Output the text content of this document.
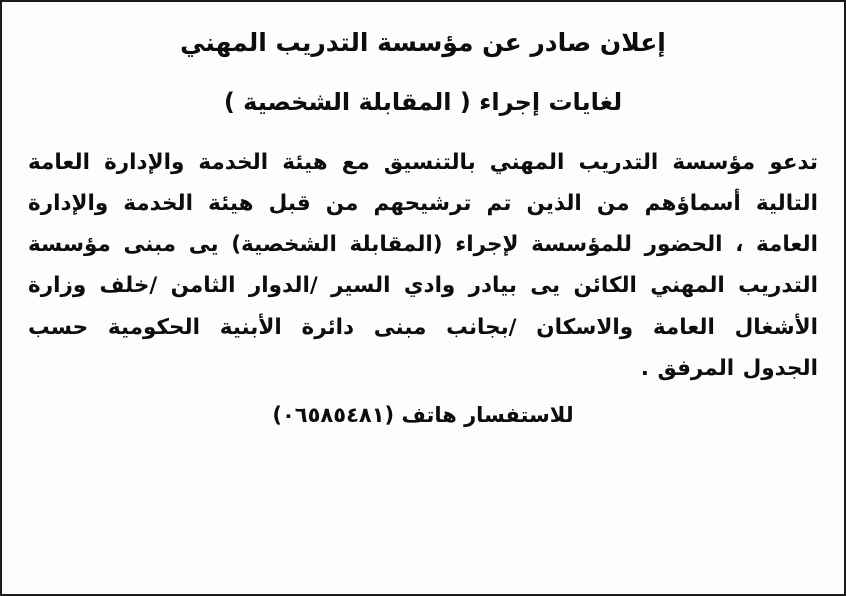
إعلان صادر عن مؤسسة التدريب المهني
لغايات إجراء ( المقابلة الشخصية )
تدعو مؤسسة التدريب المهني بالتنسيق مع هيئة الخدمة والإدارة العامة التالية أسماؤهم من الذين تم ترشيحهم من قبل هيئة الخدمة والإدارة العامة ، الحضور للمؤسسة لإجراء (المقابلة الشخصية) ﯾﯽ مبنى مؤسسة التدريب المهني الكائن ﯾﯽ بيادر وادي السير /الدوار الثامن /خلف وزارة الأشغال العامة والاسكان /بجانب مبنى دائرة الأبنية الحكومية حسب
الجدول المرفق .
للاستفسار هاتف (٠٦٥٨٥٤٨١)
